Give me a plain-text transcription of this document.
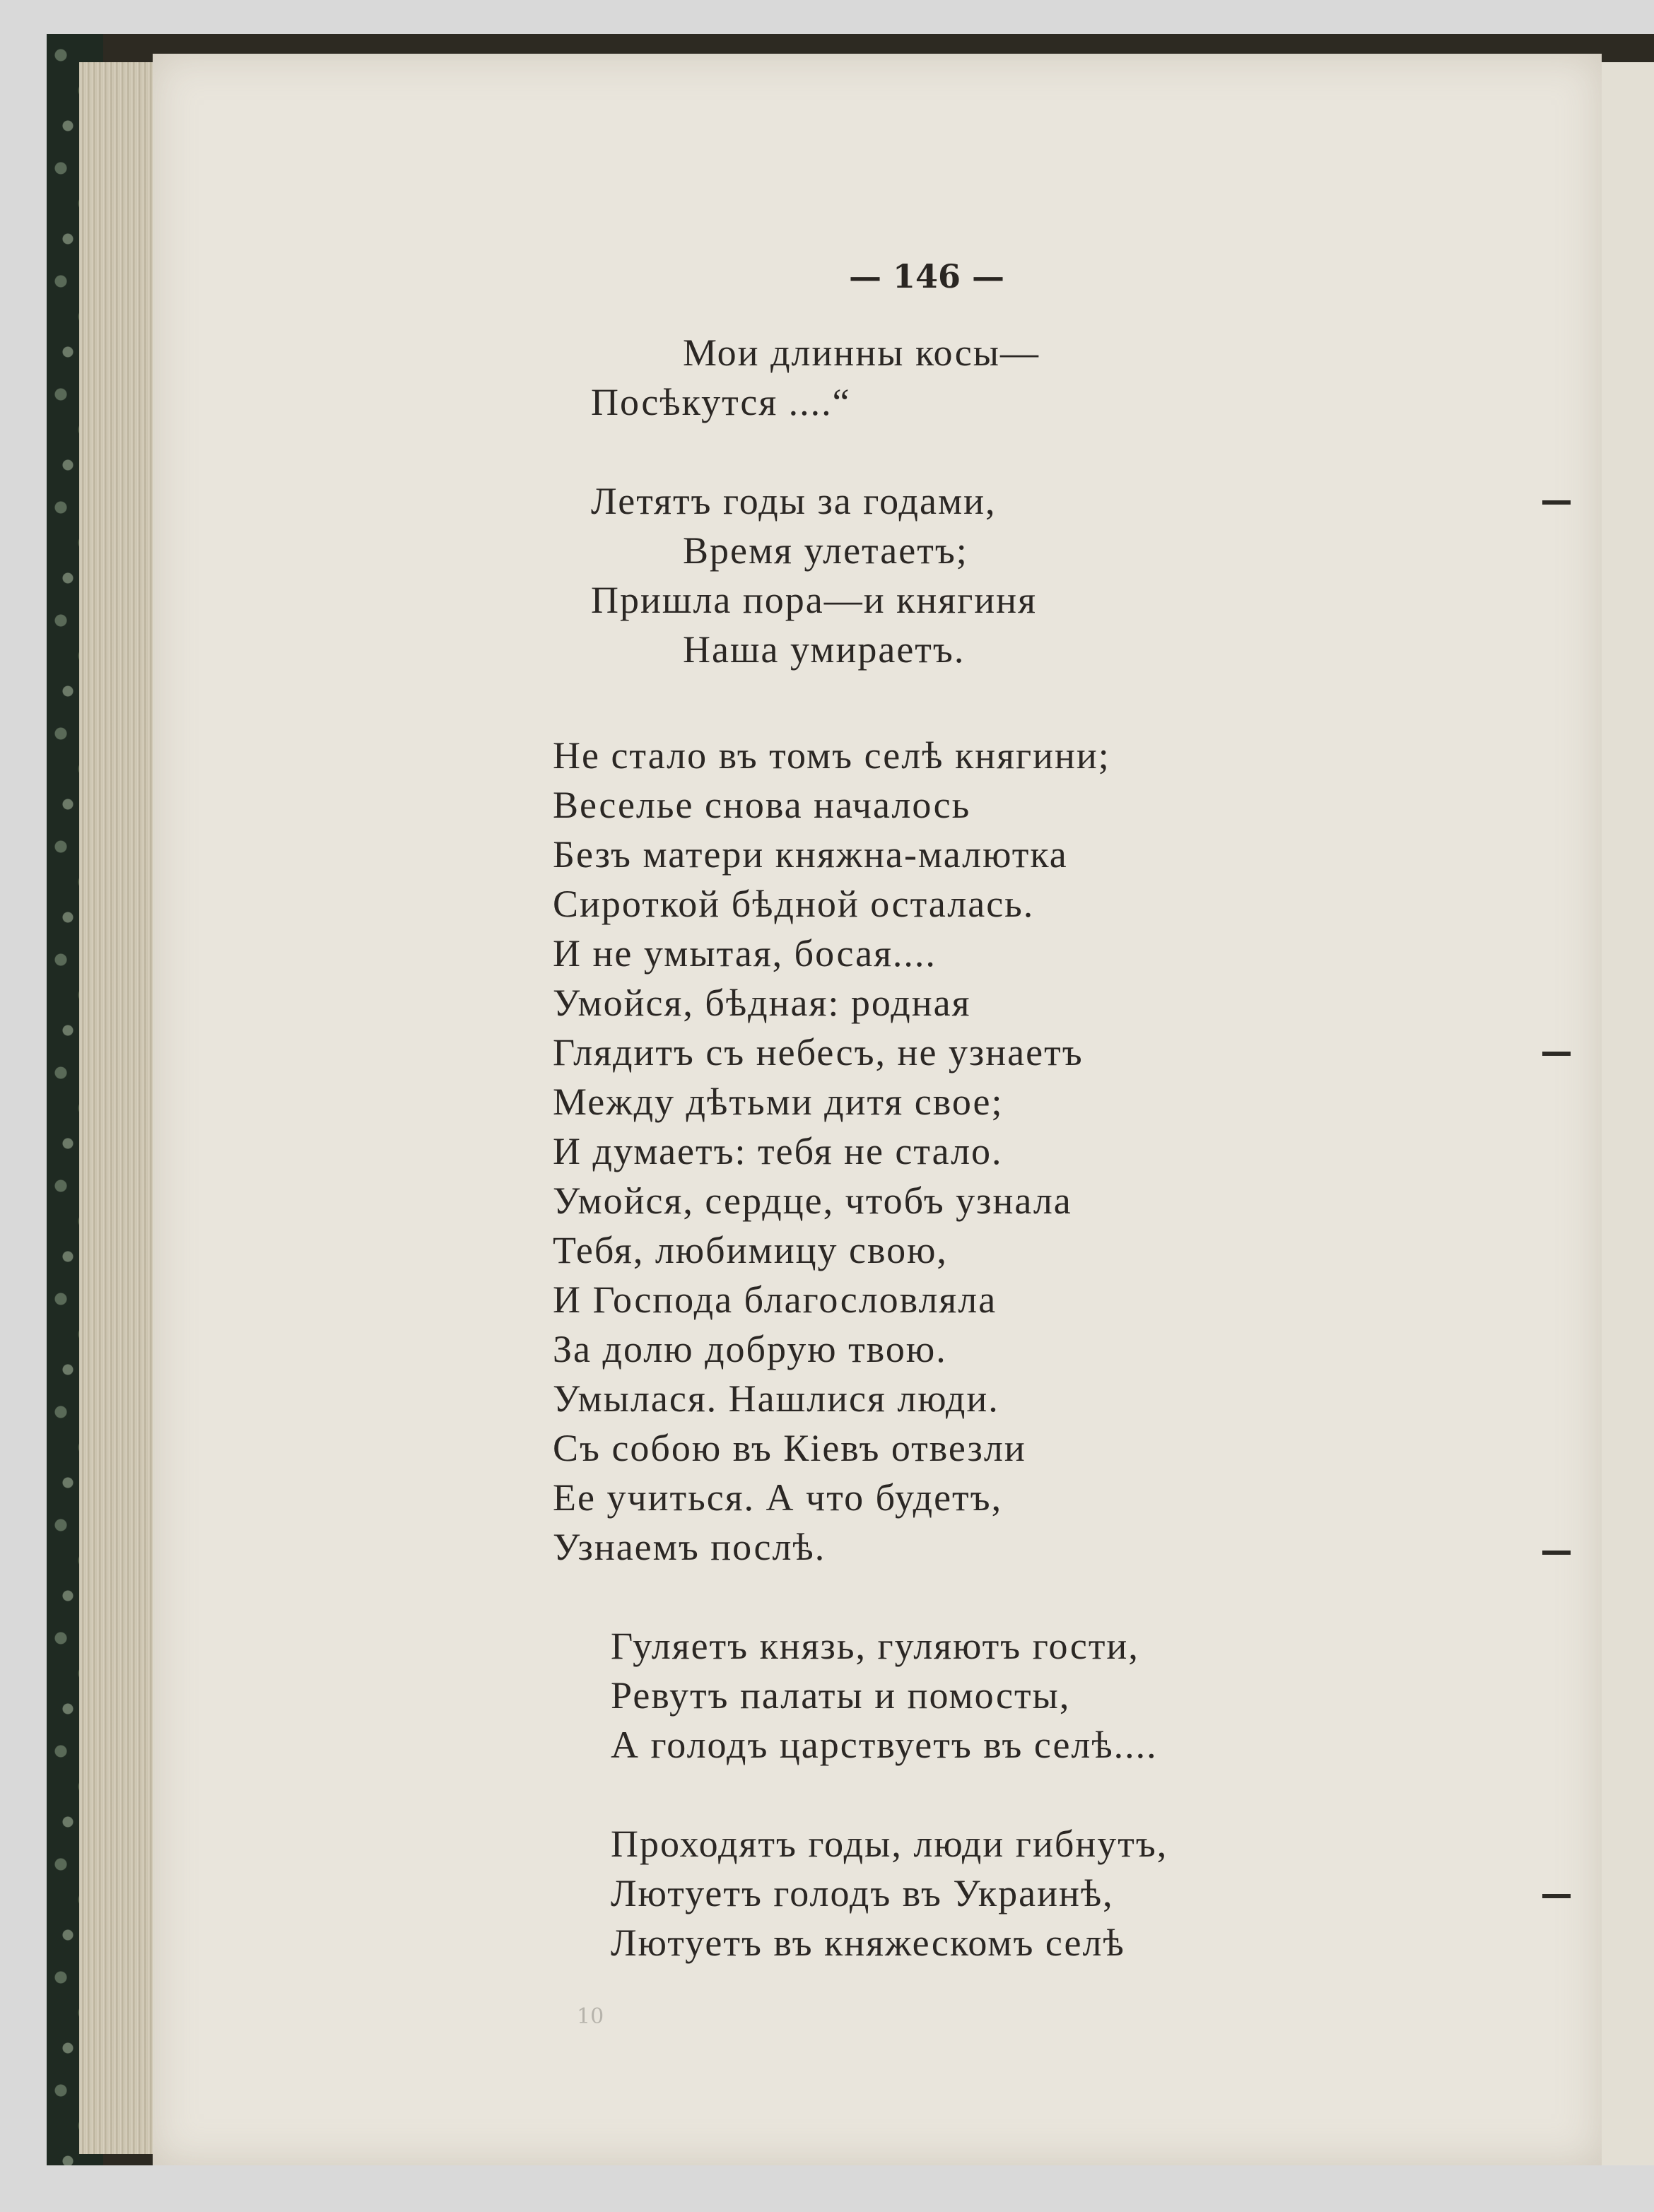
— 146 —
Мои длинны косы—
Посѣкутся ....“
Летятъ годы за годами,
Время улетаетъ;
Пришла пора—и княгиня
Наша умираетъ.
Не стало въ томъ селѣ княгини;
Веселье снова началось
Безъ матери княжна-малютка
Сироткой бѣдной осталась.
И не умытая, босая....
Умойся, бѣдная: родная
Глядитъ съ небесъ, не узнаетъ
Между дѣтьми дитя свое;
И думаетъ: тебя не стало.
Умойся, сердце, чтобъ узнала
Тебя, любимицу свою,
И Господа благословляла
За долю добрую твою.
Умылася. Нашлися люди.
Съ собою въ Кіевъ отвезли
Ее учиться. А что будетъ,
Узнаемъ послѣ.
Гуляетъ князь, гуляютъ гости,
Ревутъ палаты и помосты,
А голодъ царствуетъ въ селѣ....
Проходятъ годы, люди гибнутъ,
Лютуетъ голодъ въ Украинѣ,
Лютуетъ въ княжескомъ селѣ
10
